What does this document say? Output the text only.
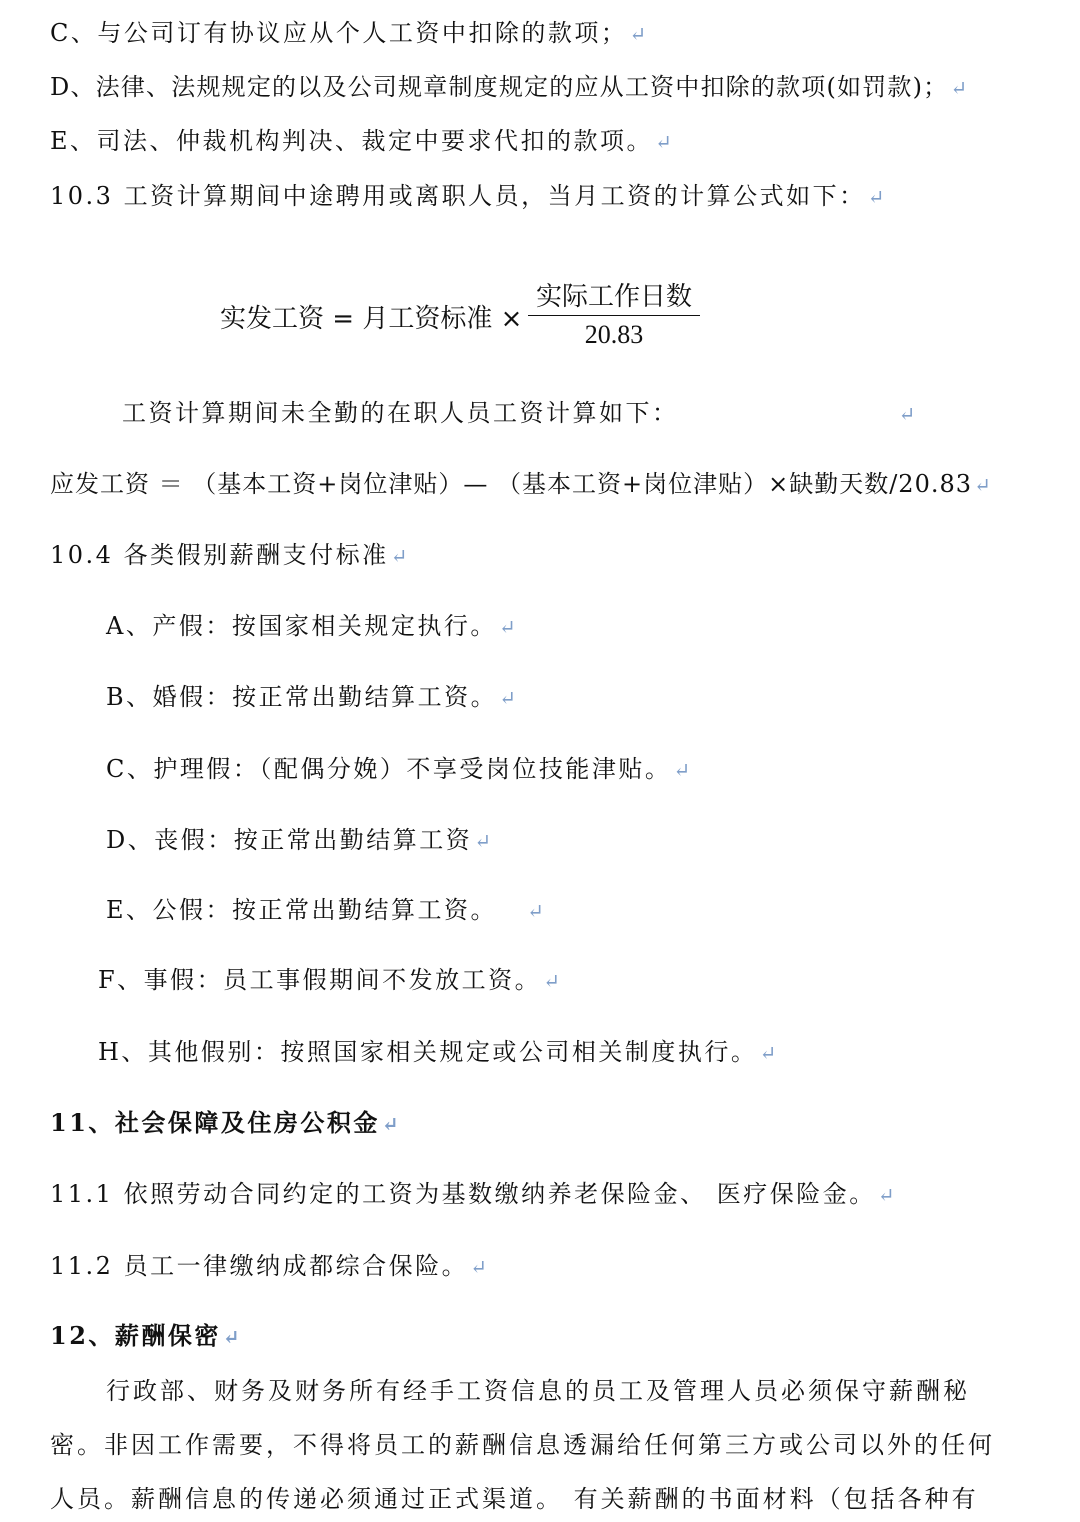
C、与公司订有协议应从个人工资中扣除的款项； ↵
D、法律、法规规定的以及公司规章制度规定的应从工资中扣除的款项(如罚款)； ↵
E、司法、仲裁机构判决、裁定中要求代扣的款项。 ↵
10.3 工资计算期间中途聘用或离职人员，当月工资的计算公式如下： ↵
实发工资 = 月工资标准 ×
实际工作日数
20.83
工资计算期间未全勤的在职人员工资计算如下：	↵
应发工资 ＝ （基本工资+岗位津贴）— （基本工资+岗位津贴）×缺勤天数/20.83 ↵
10.4 各类假别薪酬支付标准 ↵
A、产假：按国家相关规定执行。 ↵
B、婚假：按正常出勤结算工资。 ↵
C、护理假：（配偶分娩）不享受岗位技能津贴。 ↵
D、丧假：按正常出勤结算工资 ↵
E、公假：按正常出勤结算工资。 ↵
F、事假：员工事假期间不发放工资。 ↵
H、其他假别：按照国家相关规定或公司相关制度执行。 ↵
11、社会保障及住房公积金 ↵
11.1 依照劳动合同约定的工资为基数缴纳养老保险金、 医疗保险金。 ↵
11.2 员工一律缴纳成都综合保险。 ↵
12、薪酬保密 ↵
行政部、财务及财务所有经手工资信息的员工及管理人员必须保守薪酬秘
密。非因工作需要，不得将员工的薪酬信息透漏给任何第三方或公司以外的任何
人员。薪酬信息的传递必须通过正式渠道。 有关薪酬的书面材料（包括各种有
